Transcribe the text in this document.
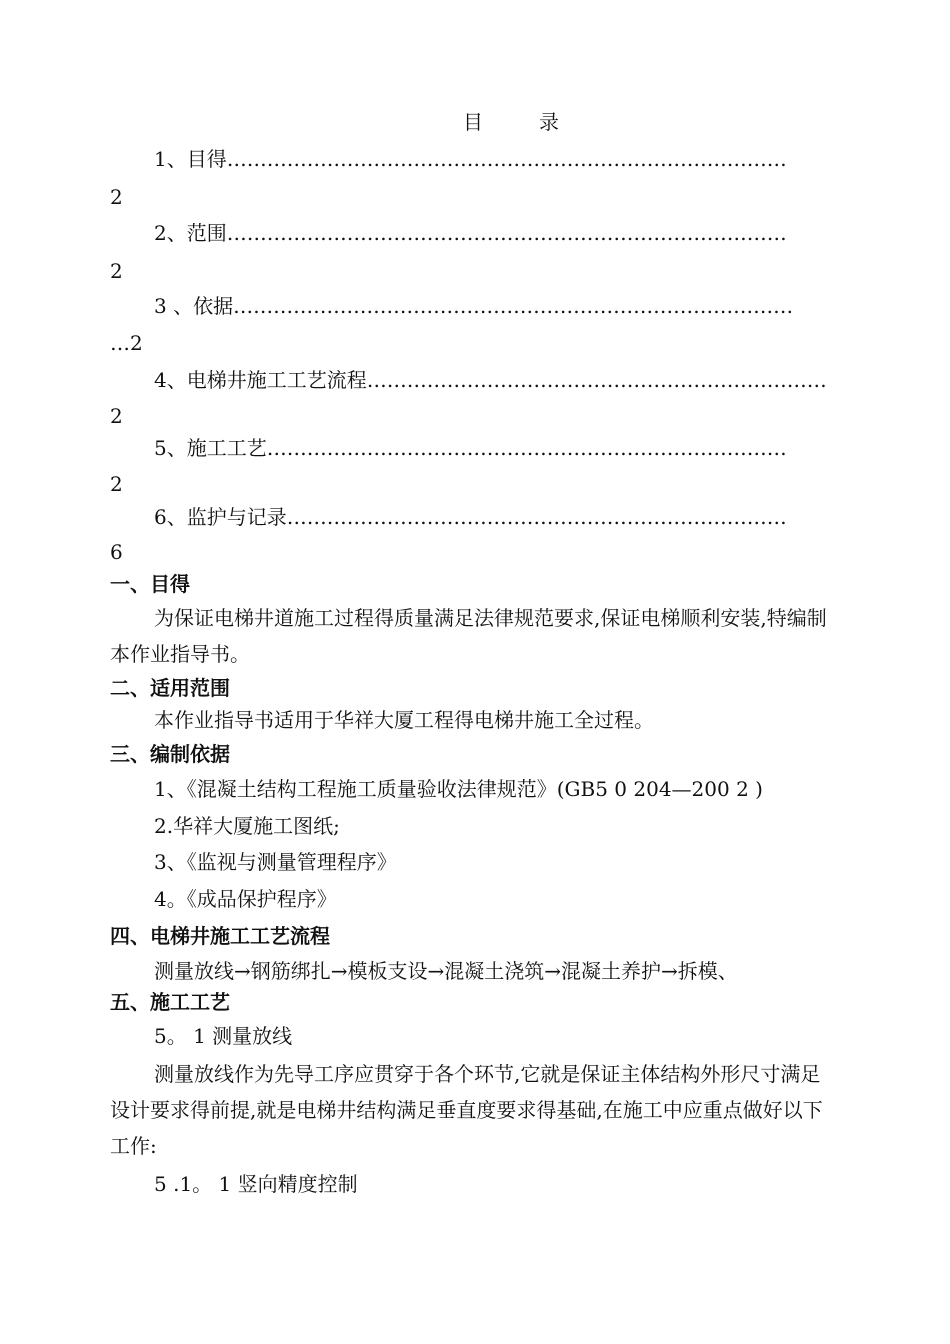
目　录
1、目得…………………………………………………………………………
2
2、范围…………………………………………………………………………
2
3 、依据…………………………………………………………………………
…2
4、电梯井施工工艺流程……………………………………………………………
2
5、施工工艺……………………………………………………………………
2
6、监护与记录…………………………………………………………………
6
一、目得
为保证电梯井道施工过程得质量满足法律规范要求,保证电梯顺利安装,特编制本作业指导书。
二、适用范围
本作业指导书适用于华祥大厦工程得电梯井施工全过程。
三、编制依据
1、《混凝土结构工程施工质量验收法律规范》(GB5 0 204—200 2 )
2.华祥大厦施工图纸;
3、《监视与测量管理程序》
4。《成品保护程序》
四、电梯井施工工艺流程
测量放线→钢筋绑扎→模板支设→混凝土浇筑→混凝土养护→拆模、
五、施工工艺
5。 1 测量放线
测量放线作为先导工序应贯穿于各个环节,它就是保证主体结构外形尺寸满足设计要求得前提,就是电梯井结构满足垂直度要求得基础,在施工中应重点做好以下工作:
5 .1。 1 竖向精度控制
